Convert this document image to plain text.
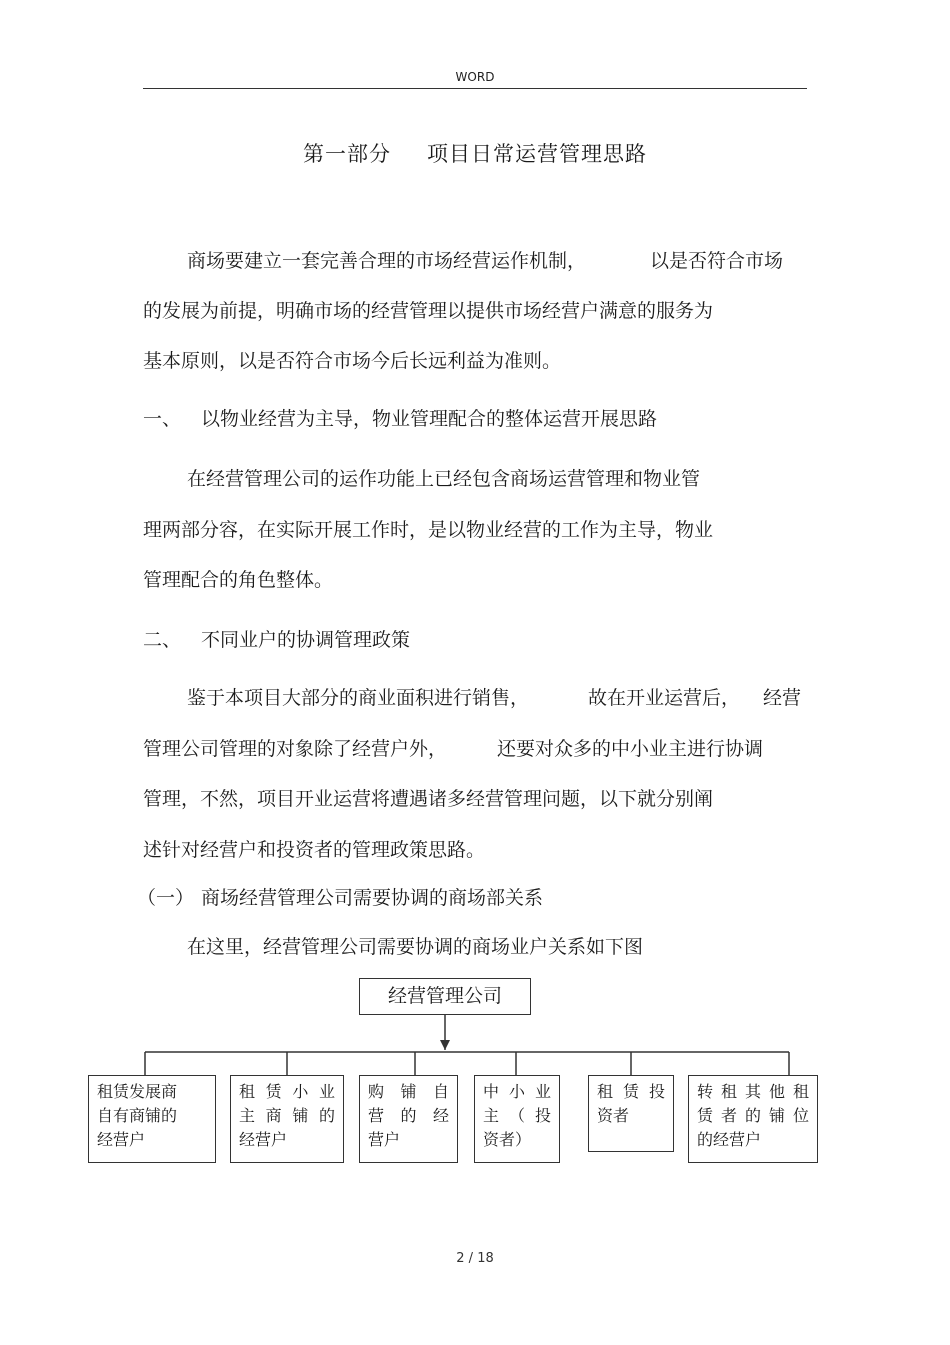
WORD
第一部分 项目日常运营管理思路
商场要建立一套完善合理的市场经营运作机制，	以是否符合市场
的发展为前提，明确市场的经营管理以提供市场经营户满意的服务为
基本原则，以是否符合市场今后长远利益为准则。
一、 以物业经营为主导，物业管理配合的整体运营开展思路
在经营管理公司的运作功能上已经包含商场运营管理和物业管
理两部分容，在实际开展工作时，是以物业经营的工作为主导，物业
管理配合的角色整体。
二、 不同业户的协调管理政策
鉴于本项目大部分的商业面积进行销售，	故在开业运营后， 经营
管理公司管理的对象除了经营户外，	还要对众多的中小业主进行协调
管理，不然，项目开业运营将遭遇诸多经营管理问题，以下就分别阐
述针对经营户和投资者的管理政策思路。
（一） 商场经营管理公司需要协调的商场部关系
在这里，经营管理公司需要协调的商场业户关系如下图
经营管理公司
租赁发展商
自有商铺的
经营户
租赁小业
主商铺的
经营户
购铺自
营的经
营户
中小业
主（投
资者）
租赁投
资者
转租其他租
赁者的铺位
的经营户
2 / 18
